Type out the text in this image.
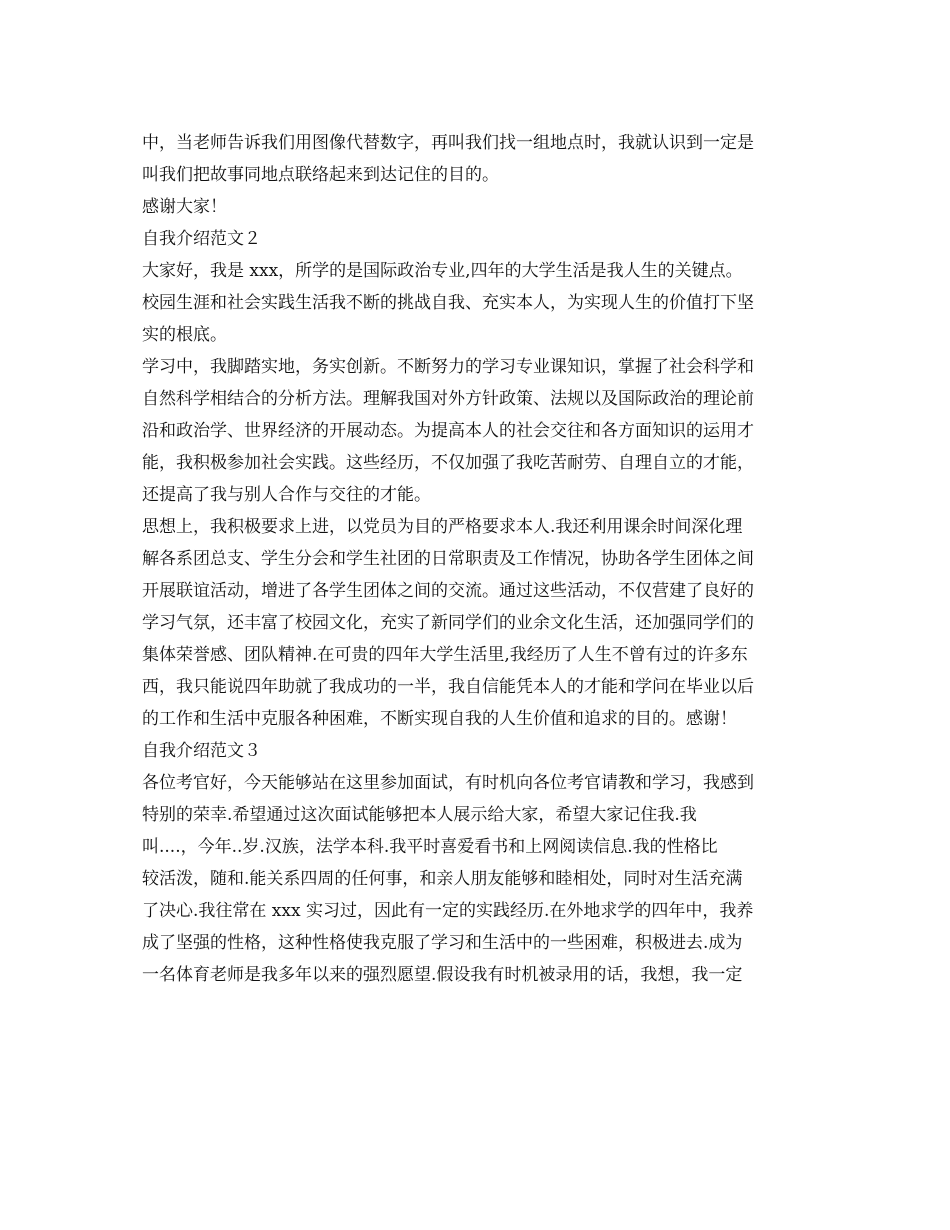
中，当老师告诉我们用图像代替数字，再叫我们找一组地点时，我就认识到一定是
叫我们把故事同地点联络起来到达记住的目的。
感谢大家！
自我介绍范文２
大家好，我是 xxx，所学的是国际政治专业,四年的大学生活是我人生的关键点。
校园生涯和社会实践生活我不断的挑战自我、充实本人，为实现人生的价值打下坚
实的根底。
学习中，我脚踏实地，务实创新。不断努力的学习专业课知识，掌握了社会科学和
自然科学相结合的分析方法。理解我国对外方针政策、法规以及国际政治的理论前
沿和政治学、世界经济的开展动态。为提高本人的社会交往和各方面知识的运用才
能，我积极参加社会实践。这些经历，不仅加强了我吃苦耐劳、自理自立的才能，
还提高了我与别人合作与交往的才能。
思想上，我积极要求上进，以党员为目的严格要求本人.我还利用课余时间深化理
解各系团总支、学生分会和学生社团的日常职责及工作情况，协助各学生团体之间
开展联谊活动，增进了各学生团体之间的交流。通过这些活动，不仅营建了良好的
学习气氛，还丰富了校园文化，充实了新同学们的业余文化生活，还加强同学们的
集体荣誉感、团队精神.在可贵的四年大学生活里,我经历了人生不曾有过的许多东
西，我只能说四年助就了我成功的一半，我自信能凭本人的才能和学问在毕业以后
的工作和生活中克服各种困难，不断实现自我的人生价值和追求的目的。感谢！
自我介绍范文３
各位考官好，今天能够站在这里参加面试，有时机向各位考官请教和学习，我感到
特别的荣幸.希望通过这次面试能够把本人展示给大家，希望大家记住我.我
叫....，今年..岁.汉族，法学本科.我平时喜爱看书和上网阅读信息.我的性格比
较活泼，随和.能关系四周的任何事，和亲人朋友能够和睦相处，同时对生活充满
了决心.我往常在 xxx 实习过，因此有一定的实践经历.在外地求学的四年中，我养
成了坚强的性格，这种性格使我克服了学习和生活中的一些困难，积极进去.成为
一名体育老师是我多年以来的强烈愿望.假设我有时机被录用的话，我想，我一定
